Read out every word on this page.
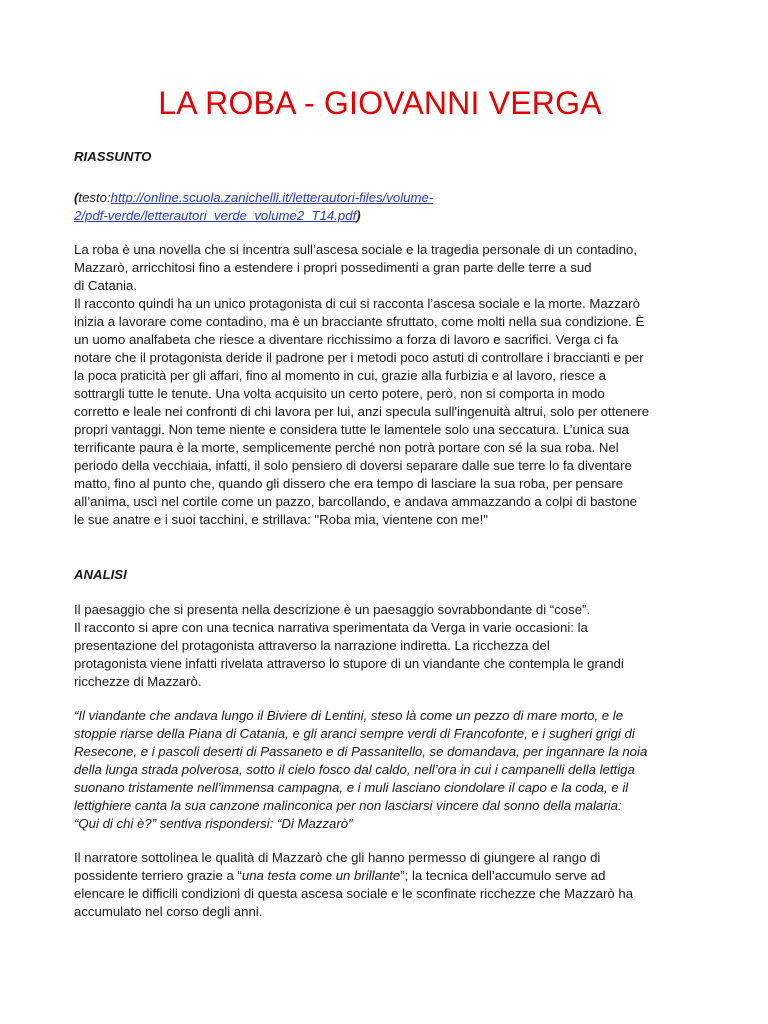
LA ROBA - GIOVANNI VERGA

RIASSUNTO

(testo:http://online.scuola.zanichelli.it/letterautori-files/volume-
2/pdf-verde/letterautori_verde_volume2_T14.pdf)

La roba è una novella che si incentra sull’ascesa sociale e la tragedia personale di un contadino,
Mazzarò, arricchitosi fino a estendere i propri possedimenti a gran parte delle terre a sud
di Catania.

Il racconto quindi ha un unico protagonista di cui si racconta l’ascesa sociale e la morte. Mazzarò
inizia a lavorare come contadino, ma è un bracciante sfruttato, come molti nella sua condizione. È
un uomo analfabeta che riesce a diventare ricchissimo a forza di lavoro e sacrifici. Verga ci fa
notare che il protagonista deride il padrone per i metodi poco astuti di controllare i braccianti e per
la poca praticità per gli affari, fino al momento in cui, grazie alla furbizia e al lavoro, riesce a
sottrargli tutte le tenute. Una volta acquisito un certo potere, però, non si comporta in modo
corretto e leale nei confronti di chi lavora per lui, anzi specula sull'ingenuità altrui, solo per ottenere
propri vantaggi. Non teme niente e considera tutte le lamentele solo una seccatura. L’unica sua
terrificante paura è la morte, semplicemente perché non potrà portare con sé la sua roba. Nel
periodo della vecchiaia, infatti, il solo pensiero di doversi separare dalle sue terre lo fa diventare
matto, fino al punto che, quando gli dissero che era tempo di lasciare la sua roba, per pensare
all’anima, uscì nel cortile come un pazzo, barcollando, e andava ammazzando a colpi di bastone
le sue anatre e i suoi tacchini, e strillava: "Roba mia, vientene con me!"

ANALISI

Il paesaggio che si presenta nella descrizione è un paesaggio sovrabbondante di “cose”.
Il racconto si apre con una tecnica narrativa sperimentata da Verga in varie occasioni: la
presentazione del protagonista attraverso la narrazione indiretta. La ricchezza del
protagonista viene infatti rivelata attraverso lo stupore di un viandante che contempla le grandi
ricchezze di Mazzarò.

“Il viandante che andava lungo il Biviere di Lentini, steso là come un pezzo di mare morto, e le
stoppie riarse della Piana di Catania, e gli aranci sempre verdi di Francofonte, e i sugheri grigi di
Resecone, e i pascoli deserti di Passaneto e di Passanitello, se domandava, per ingannare la noia
della lunga strada polverosa, sotto il cielo fosco dal caldo, nell’ora in cui i campanelli della lettiga
suonano tristamente nell’immensa campagna, e i muli lasciano ciondolare il capo e la coda, e il
lettighiere canta la sua canzone malinconica per non lasciarsi vincere dal sonno della malaria:
“Qui di chi è?” sentiva rispondersi: “Di Mazzarò”

Il narratore sottolinea le qualità di Mazzarò che gli hanno permesso di giungere al rango di
possidente terriero grazie a “una testa come un brillante”; la tecnica dell’accumulo serve ad
elencare le difficili condizioni di questa ascesa sociale e le sconfinate ricchezze che Mazzarò ha
accumulato nel corso degli anni.
